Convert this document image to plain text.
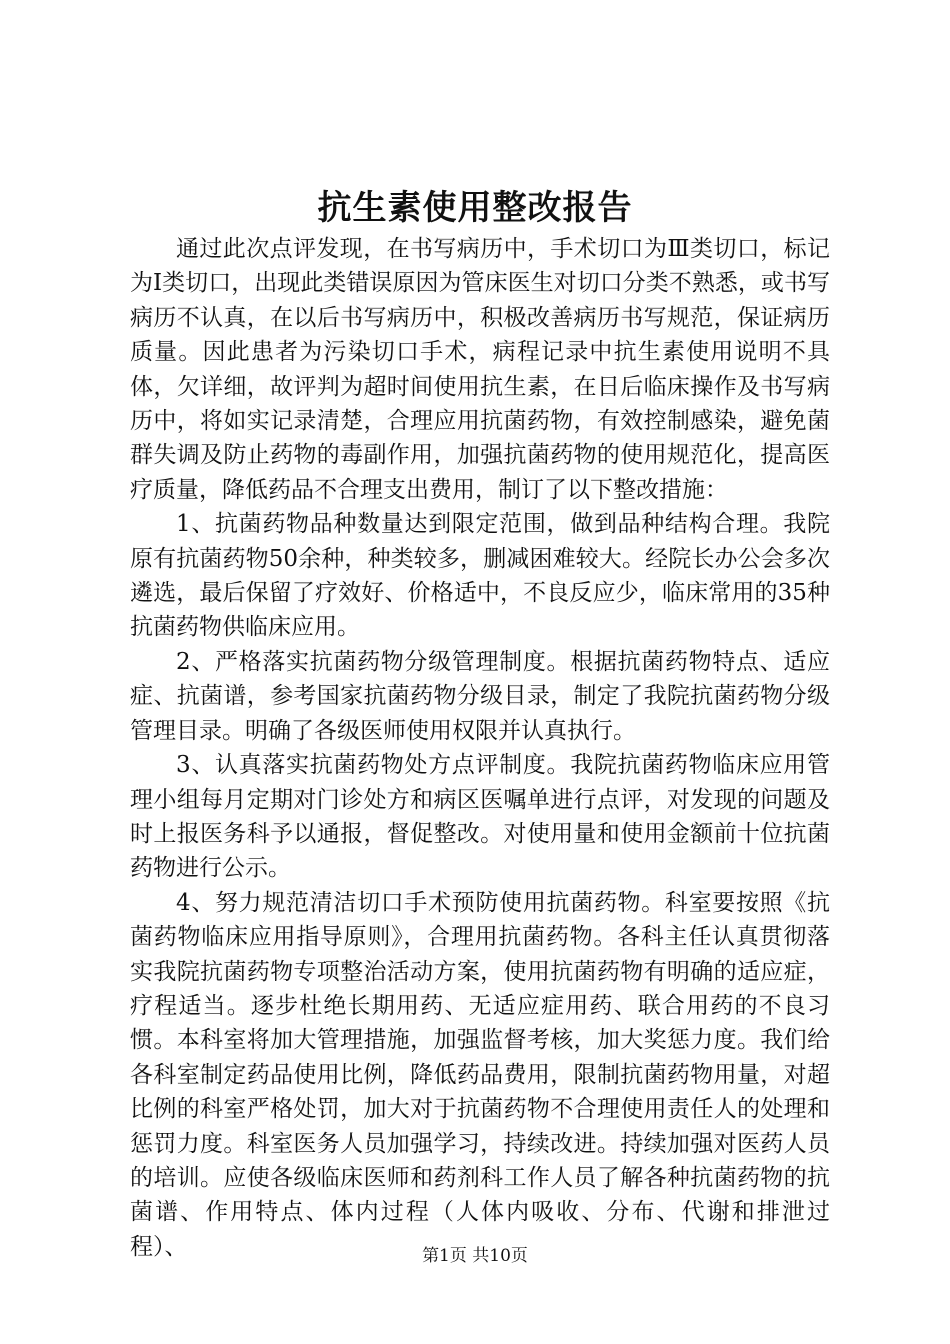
抗生素使用整改报告

通过此次点评发现，在书写病历中，手术切口为Ⅲ类切口，标记为Ⅰ类切口，出现此类错误原因为管床医生对切口分类不熟悉，或书写病历不认真，在以后书写病历中，积极改善病历书写规范，保证病历质量。因此患者为污染切口手术，病程记录中抗生素使用说明不具体，欠详细，故评判为超时间使用抗生素，在日后临床操作及书写病历中，将如实记录清楚，合理应用抗菌药物，有效控制感染，避免菌群失调及防止药物的毒副作用，加强抗菌药物的使用规范化，提高医疗质量，降低药品不合理支出费用，制订了以下整改措施：

1、抗菌药物品种数量达到限定范围，做到品种结构合理。我院原有抗菌药物50余种，种类较多，删减困难较大。经院长办公会多次遴选，最后保留了疗效好、价格适中，不良反应少，临床常用的35种抗菌药物供临床应用。

2、严格落实抗菌药物分级管理制度。根据抗菌药物特点、适应症、抗菌谱，参考国家抗菌药物分级目录，制定了我院抗菌药物分级管理目录。明确了各级医师使用权限并认真执行。

3、认真落实抗菌药物处方点评制度。我院抗菌药物临床应用管理小组每月定期对门诊处方和病区医嘱单进行点评，对发现的问题及时上报医务科予以通报，督促整改。对使用量和使用金额前十位抗菌药物进行公示。

4、努力规范清洁切口手术预防使用抗菌药物。科室要按照《抗菌药物临床应用指导原则》，合理用抗菌药物。各科主任认真贯彻落实我院抗菌药物专项整治活动方案，使用抗菌药物有明确的适应症，疗程适当。逐步杜绝长期用药、无适应症用药、联合用药的不良习惯。本科室将加大管理措施，加强监督考核，加大奖惩力度。我们给各科室制定药品使用比例，降低药品费用，限制抗菌药物用量，对超比例的科室严格处罚，加大对于抗菌药物不合理使用责任人的处理和惩罚力度。科室医务人员加强学习，持续改进。持续加强对医药人员的培训。应使各级临床医师和药剂科工作人员了解各种抗菌药物的抗菌谱、作用特点、体内过程（人体内吸收、分布、代谢和排泄过程）、	第1页 共10页
